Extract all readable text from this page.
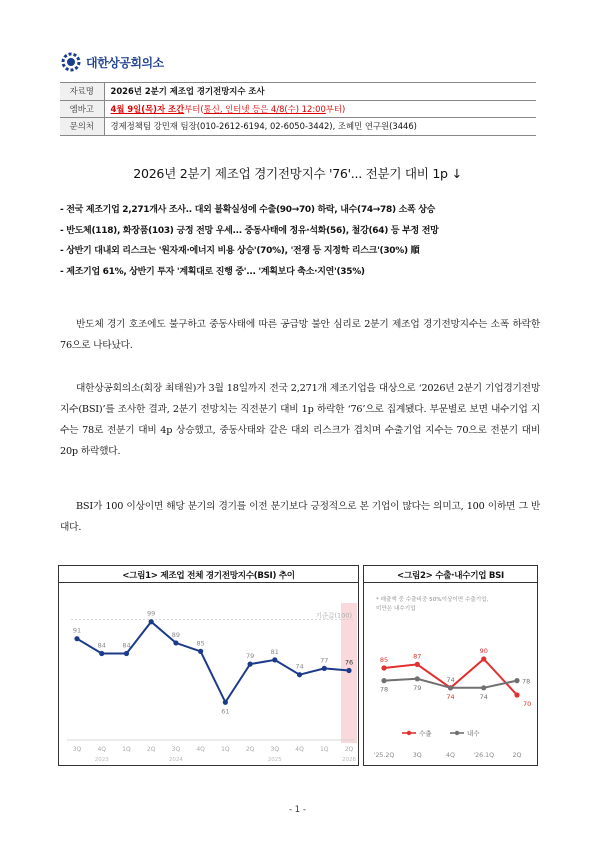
대한상공회의소
자료명	2026년 2분기 제조업 경기전망지수 조사
엠바고	4월 9일(목)자 조간부터(통신, 인터넷 등은 4/8(수) 12:00부터)
문의처	경제정책팀 강민재 팀장(010-2612-6194, 02-6050-3442), 조혜민 연구원(3446)
2026년 2분기 제조업 경기전망지수 '76'... 전분기 대비 1p ↓
- 전국 제조기업 2,271개사 조사.. 대외 불확실성에 수출(90→70) 하락, 내수(74→78) 소폭 상승
- 반도체(118), 화장품(103) 긍정 전망 우세... 중동사태에 정유·석화(56), 철강(64) 등 부정 전망
- 상반기 대내외 리스크는 '원자재·에너지 비용 상승'(70%), '전쟁 등 지정학 리스크'(30%) 順
- 제조기업 61%, 상반기 투자 '계획대로 진행 중'... '계획보다 축소·지연'(35%)

반도체 경기 호조에도 불구하고 중동사태에 따른 공급망 불안 심리로 2분기 제조업 경기전망지수는 소폭 하락한 76으로 나타났다.

대한상공회의소(회장 최태원)가 3월 18일까지 전국 2,271개 제조기업을 대상으로 ‘2026년 2분기 기업경기전망지수(BSI)’를 조사한 결과, 2분기 전망치는 직전분기 대비 1p 하락한 ‘76’으로 집계됐다. 부문별로 보면 내수기업 지수는 78로 전분기 대비 4p 상승했고, 중동사태와 같은 대외 리스크가 겹치며 수출기업 지수는 70으로 전분기 대비 20p 하락했다.

BSI가 100 이상이면 해당 분기의 경기를 이전 분기보다 긍정적으로 본 기업이 많다는 의미고, 100 이하면 그 반대다.

<그림1> 제조업 전체 경기전망지수(BSI) 추이
기준값(100)
91
84	84
99
89
85
61
79
81
74
77	76
3Q	4Q	1Q	2Q	3Q	4Q	1Q	2Q	3Q	4Q	1Q	2Q
2023	2024	2025	2026
<그림2> 수출·내수기업 BSI
* 매출액 중 수출비중 50%이상이면 수출기업,
미만은 내수기업
85	87
74
90
70
78	79
74
74
78
수출	내수
'25.2Q	3Q	4Q	'26.1Q	2Q
- 1 -
